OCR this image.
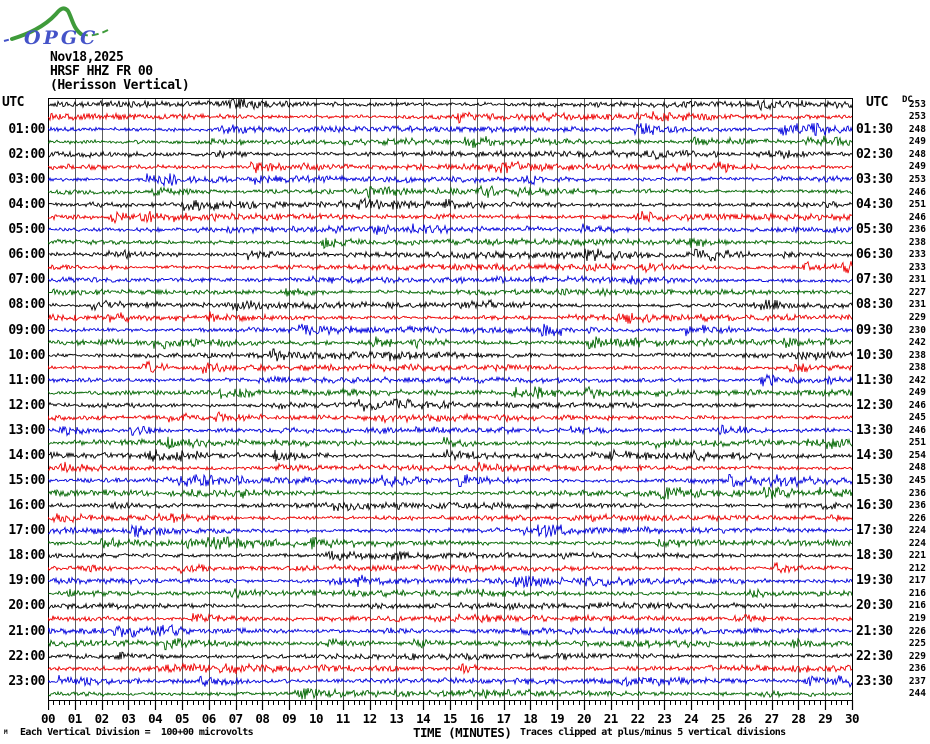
OPGC
Nov18,2025
HRSF HHZ FR 00
(Herisson Vertical)
UTC	UTC DC
01:00
02:00
03:00
04:00
05:00
06:00
07:00
08:00
09:00
10:00
11:00
12:00
13:00
14:00
15:00
16:00
17:00
18:00
19:00
20:00
21:00
22:00
23:00
01:30
02:30
03:30
04:30
05:30
06:30
07:30
08:30
09:30
10:30
11:30
12:30
13:30
14:30
15:30
16:30
17:30
18:30
19:30
20:30
21:30
22:30
23:30
253
253
248
249
248
249
253
246
251
246
236
238
233
233
231
227
231
229
230
242
238
238
242
249
246
245
246
251
254
248
245
236
236
226
224
224
221
212
217
216
216
219
226
225
229
236
237
244
00 01 02 03 04 05 06 07 08 09 10 11 12 13 14 15 16 17 18 19 20 21 22 23 24 25 26 27 28 29 30
M Each Vertical Division =  100+00 microvolts	TIME (MINUTES) Traces clipped at plus/minus 5 vertical divisions
